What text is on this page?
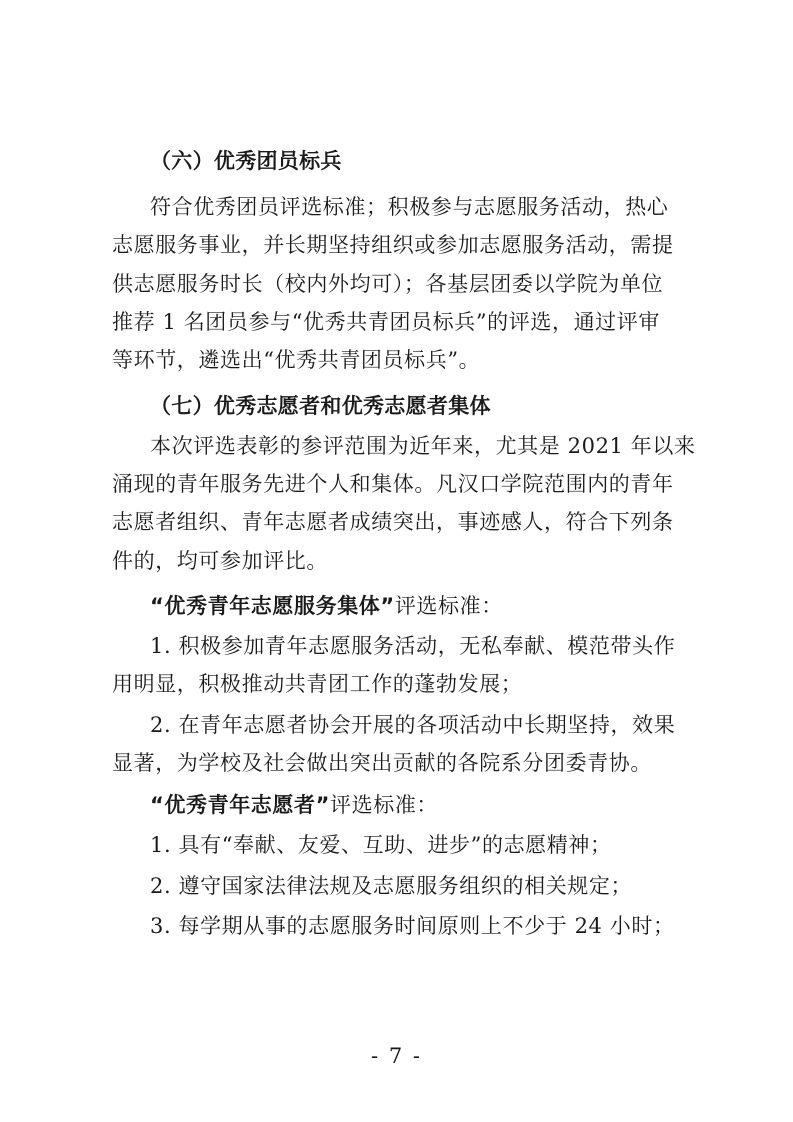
（六）优秀团员标兵
符合优秀团员评选标准；积极参与志愿服务活动，热心
志愿服务事业，并长期坚持组织或参加志愿服务活动，需提
供志愿服务时长（校内外均可）；各基层团委以学院为单位
推荐 1 名团员参与“优秀共青团员标兵”的评选，通过评审
等环节，遴选出“优秀共青团员标兵”。
（七）优秀志愿者和优秀志愿者集体
本次评选表彰的参评范围为近年来，尤其是 2021 年以来
涌现的青年服务先进个人和集体。凡汉口学院范围内的青年
志愿者组织、青年志愿者成绩突出，事迹感人，符合下列条
件的，均可参加评比。
“优秀青年志愿服务集体”评选标准：
1. 积极参加青年志愿服务活动，无私奉献、模范带头作
用明显，积极推动共青团工作的蓬勃发展；
2. 在青年志愿者协会开展的各项活动中长期坚持，效果
显著，为学校及社会做出突出贡献的各院系分团委青协。
“优秀青年志愿者”评选标准：
1. 具有“奉献、友爱、互助、进步”的志愿精神；
2. 遵守国家法律法规及志愿服务组织的相关规定；
3. 每学期从事的志愿服务时间原则上不少于 24 小时；
- 7 -
